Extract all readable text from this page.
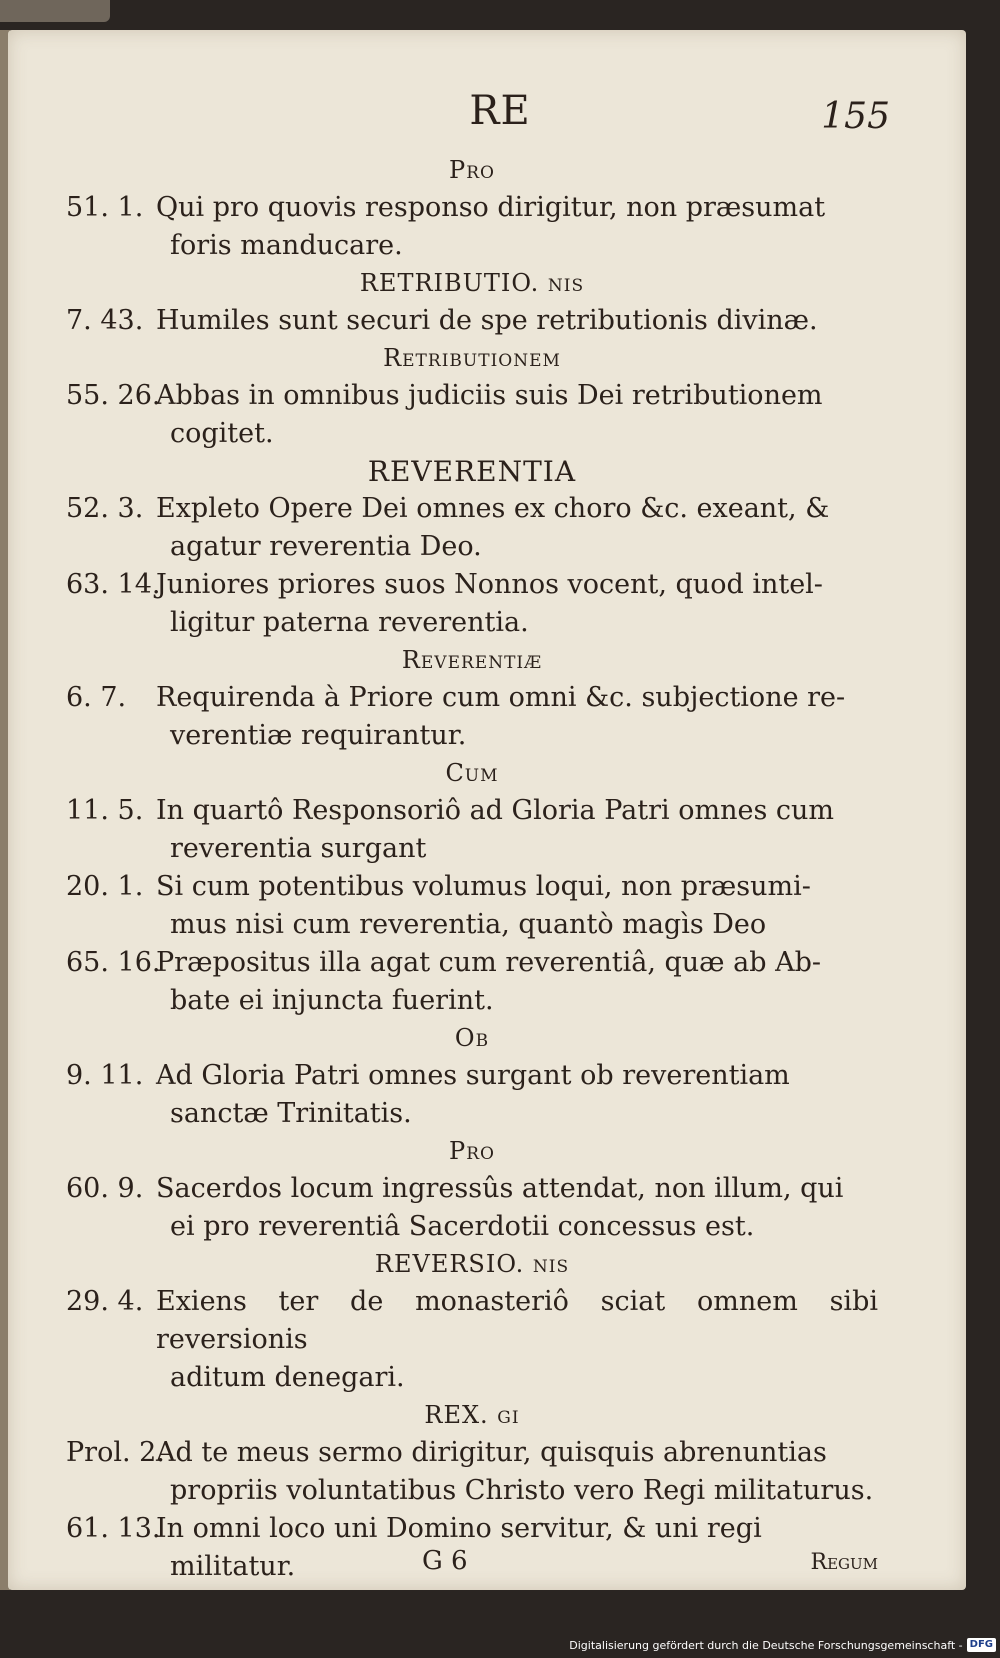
RE	155
Pro
51. 1. Qui pro quovis responso dirigitur, non præsumat
foris manducare.
RETRIBUTIO. nis
7. 43. Humiles sunt securi de spe retributionis divinæ.
Retributionem
55. 26.
Abbas in omnibus judiciis suis Dei retributionem
cogitet.
REVERENTIA
52. 3. Expleto Opere Dei omnes ex choro &c. exeant, &
agatur reverentia Deo.
63. 14.
Juniores priores suos Nonnos vocent, quod intel-
ligitur paterna reverentia.
Reverentiæ
6. 7.	Requirenda à Priore cum omni &c. subjectione re-
verentiæ requirantur.
Cum
11. 5. In quartô Responsoriô ad Gloria Patri omnes cum
reverentia surgant
20. 1. Si cum potentibus volumus loqui, non præsumi-
mus nisi cum reverentia, quantò magìs Deo
65. 16.
Præpositus illa agat cum reverentiâ, quæ ab Ab-
bate ei injuncta fuerint.
Ob
9. 11. Ad Gloria Patri omnes surgant ob reverentiam
sanctæ Trinitatis.
Pro
60. 9. Sacerdos locum ingressûs attendat, non illum, qui
ei pro reverentiâ Sacerdotii concessus est.
REVERSIO. nis
29. 4. Exiens ter de monasteriô sciat omnem sibi reversionis
aditum denegari.
REX. gi
Prol. 2.
Ad te meus sermo dirigitur, quisquis abrenuntias
propriis voluntatibus Christo vero Regi militaturus.
61. 13.
In omni loco uni Domino servitur, & uni regi
militatur.	G 6	Regum
Digitalisierung gefördert durch die Deutsche Forschungsgemeinschaft - DFG
